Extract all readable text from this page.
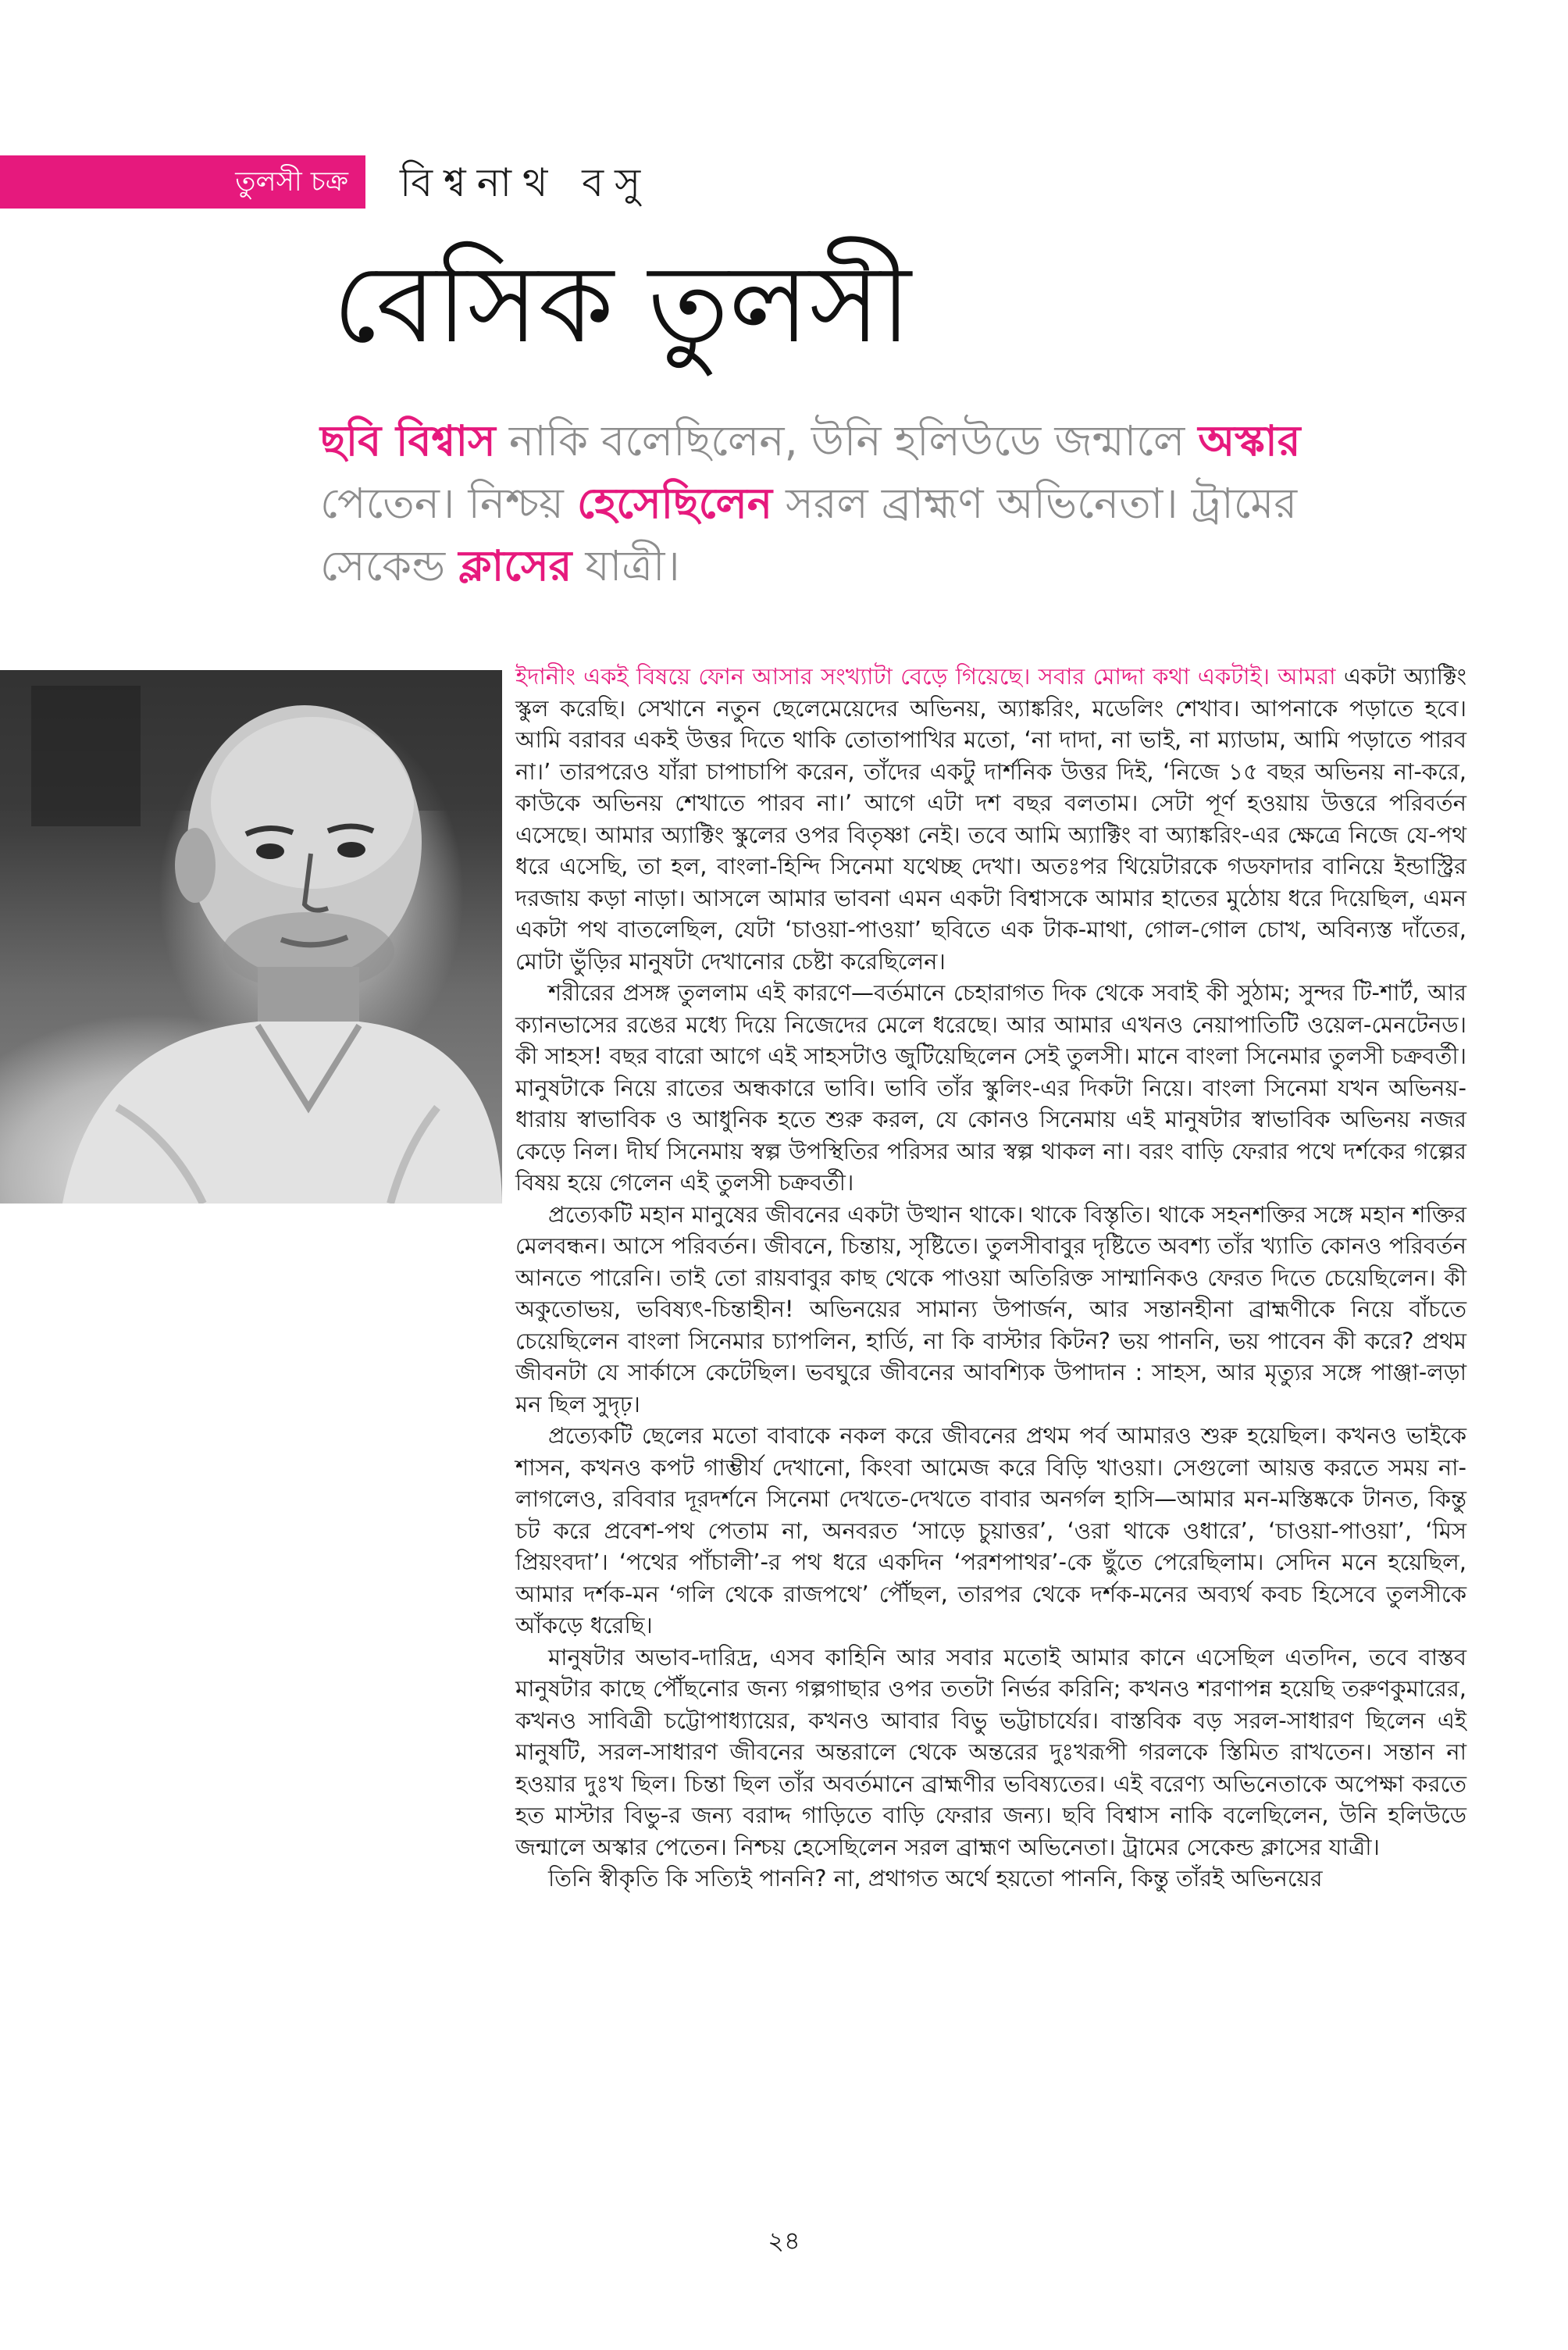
তুলসী চক্র	বিশ্বনাথ বসু
বেসিক তুলসী
ছবি বিশ্বাস নাকি বলেছিলেন, উনি হলিউডে জন্মালে অস্কার পেতেন। নিশ্চয় হেসেছিলেন সরল ব্রাহ্মণ অভিনেতা। ট্রামের সেকেন্ড ক্লাসের যাত্রী।

ইদানীং একই বিষয়ে ফোন আসার সংখ্যাটা বেড়ে গিয়েছে। সবার মোদ্দা কথা একটাই। আমরা একটা অ্যাক্টিং স্কুল করেছি। সেখানে নতুন ছেলেমেয়েদের অভিনয়, অ্যাঙ্করিং, মডেলিং শেখাব। আপনাকে পড়াতে হবে। আমি বরাবর একই উত্তর দিতে থাকি তোতাপাখির মতো, ‘না দাদা, না ভাই, না ম্যাডাম, আমি পড়াতে পারব না।’ তারপরেও যাঁরা চাপাচাপি করেন, তাঁদের একটু দার্শনিক উত্তর দিই, ‘নিজে ১৫ বছর অভিনয় না-করে, কাউকে অভিনয় শেখাতে পারব না।’ আগে এটা দশ বছর বলতাম। সেটা পূর্ণ হওয়ায় উত্তরে পরিবর্তন এসেছে। আমার অ্যাক্টিং স্কুলের ওপর বিতৃষ্ণা নেই। তবে আমি অ্যাক্টিং বা অ্যাঙ্করিং-এর ক্ষেত্রে নিজে যে-পথ ধরে এসেছি, তা হল, বাংলা-হিন্দি সিনেমা যথেচ্ছ দেখা। অতঃপর থিয়েটারকে গডফাদার বানিয়ে ইন্ডাস্ট্রির দরজায় কড়া নাড়া। আসলে আমার ভাবনা এমন একটা বিশ্বাসকে আমার হাতের মুঠোয় ধরে দিয়েছিল, এমন একটা পথ বাতলেছিল, যেটা ‘চাওয়া-পাওয়া’ ছবিতে এক টাক-মাথা, গোল-গোল চোখ, অবিন্যস্ত দাঁতের, মোটা ভুঁড়ির মানুষটা দেখানোর চেষ্টা করেছিলেন।

শরীরের প্রসঙ্গ তুললাম এই কারণে—বর্তমানে চেহারাগত দিক থেকে সবাই কী সুঠাম; সুন্দর টি-শার্ট, আর ক্যানভাসের রঙের মধ্যে দিয়ে নিজেদের মেলে ধরেছে। আর আমার এখনও নেয়াপাতিটি ওয়েল-মেনটেনড। কী সাহস! বছর বারো আগে এই সাহসটাও জুটিয়েছিলেন সেই তুলসী। মানে বাংলা সিনেমার তুলসী চক্রবর্তী। মানুষটাকে নিয়ে রাতের অন্ধকারে ভাবি। ভাবি তাঁর স্কুলিং-এর দিকটা নিয়ে। বাংলা সিনেমা যখন অভিনয়-ধারায় স্বাভাবিক ও আধুনিক হতে শুরু করল, যে কোনও সিনেমায় এই মানুষটার স্বাভাবিক অভিনয় নজর কেড়ে নিল। দীর্ঘ সিনেমায় স্বল্প উপস্থিতির পরিসর আর স্বল্প থাকল না। বরং বাড়ি ফেরার পথে দর্শকের গল্পের বিষয় হয়ে গেলেন এই তুলসী চক্রবর্তী।

প্রত্যেকটি মহান মানুষের জীবনের একটা উত্থান থাকে। থাকে বিস্তৃতি। থাকে সহনশক্তির সঙ্গে মহান শক্তির মেলবন্ধন। আসে পরিবর্তন। জীবনে, চিন্তায়, সৃষ্টিতে। তুলসীবাবুর দৃষ্টিতে অবশ্য তাঁর খ্যাতি কোনও পরিবর্তন আনতে পারেনি। তাই তো রায়বাবুর কাছ থেকে পাওয়া অতিরিক্ত সাম্মানিকও ফেরত দিতে চেয়েছিলেন। কী অকুতোভয়, ভবিষ্যৎ-চিন্তাহীন! অভিনয়ের সামান্য উপার্জন, আর সন্তানহীনা ব্রাহ্মণীকে নিয়ে বাঁচতে চেয়েছিলেন বাংলা সিনেমার চ্যাপলিন, হার্ডি, না কি বাস্টার কিটন? ভয় পাননি, ভয় পাবেন কী করে? প্রথম জীবনটা যে সার্কাসে কেটেছিল। ভবঘুরে জীবনের আবশ্যিক উপাদান : সাহস, আর মৃত্যুর সঙ্গে পাঞ্জা-লড়া মন ছিল সুদৃঢ়।

প্রত্যেকটি ছেলের মতো বাবাকে নকল করে জীবনের প্রথম পর্ব আমারও শুরু হয়েছিল। কখনও ভাইকে শাসন, কখনও কপট গাম্ভীর্য দেখানো, কিংবা আমেজ করে বিড়ি খাওয়া। সেগুলো আয়ত্ত করতে সময় না-লাগলেও, রবিবার দূরদর্শনে সিনেমা দেখতে-দেখতে বাবার অনর্গল হাসি—আমার মন-মস্তিষ্ককে টানত, কিন্তু চট করে প্রবেশ-পথ পেতাম না, অনবরত ‘সাড়ে চুয়াত্তর’, ‘ওরা থাকে ওধারে’, ‘চাওয়া-পাওয়া’, ‘মিস প্রিয়ংবদা’। ‘পথের পাঁচালী’-র পথ ধরে একদিন ‘পরশপাথর’-কে ছুঁতে পেরেছিলাম। সেদিন মনে হয়েছিল, আমার দর্শক-মন ‘গলি থেকে রাজপথে’ পৌঁছল, তারপর থেকে দর্শক-মনের অব্যর্থ কবচ হিসেবে তুলসীকে আঁকড়ে ধরেছি।

মানুষটার অভাব-দারিদ্র, এসব কাহিনি আর সবার মতোই আমার কানে এসেছিল এতদিন, তবে বাস্তব মানুষটার কাছে পৌঁছনোর জন্য গল্পগাছার ওপর ততটা নির্ভর করিনি; কখনও শরণাপন্ন হয়েছি তরুণকুমারের, কখনও সাবিত্রী চট্টোপাধ্যায়ের, কখনও আবার বিভু ভট্টাচার্যের। বাস্তবিক বড় সরল-সাধারণ ছিলেন এই মানুষটি, সরল-সাধারণ জীবনের অন্তরালে থেকে অন্তরের দুঃখরূপী গরলকে স্তিমিত রাখতেন। সন্তান না হওয়ার দুঃখ ছিল। চিন্তা ছিল তাঁর অবর্তমানে ব্রাহ্মণীর ভবিষ্যতের। এই বরেণ্য অভিনেতাকে অপেক্ষা করতে হত মাস্টার বিভু-র জন্য বরাদ্দ গাড়িতে বাড়ি ফেরার জন্য। ছবি বিশ্বাস নাকি বলেছিলেন, উনি হলিউডে জন্মালে অস্কার পেতেন। নিশ্চয় হেসেছিলেন সরল ব্রাহ্মণ অভিনেতা। ট্রামের সেকেন্ড ক্লাসের যাত্রী।

তিনি স্বীকৃতি কি সত্যিই পাননি? না, প্রথাগত অর্থে হয়তো পাননি, কিন্তু তাঁরই অভিনয়ের

২৪
